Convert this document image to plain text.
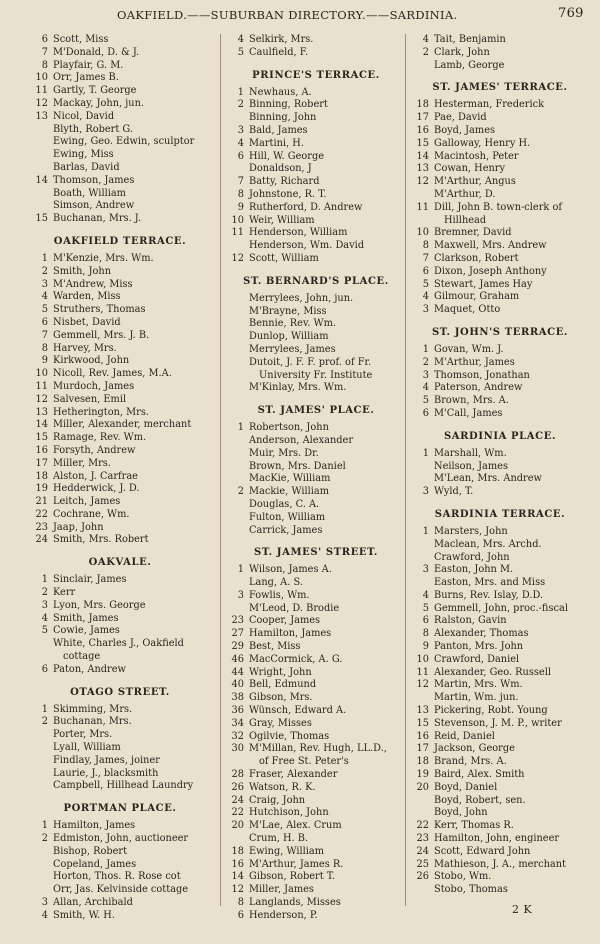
OAKFIELD.——SUBURBAN DIRECTORY.——SARDINIA.	769
6 Scott, Miss
7 M'Donald, D. & J.
8 Playfair, G. M.
10 Orr, James B.
11 Gartly, T. George
12 Mackay, John, jun.
13 Nicol, David
Blyth, Robert G.
Ewing, Geo. Edwin, sculptor
Ewing, Miss
Barlas, David
14 Thomson, James
Boath, William
Simson, Andrew
15 Buchanan, Mrs. J.
OAKFIELD TERRACE.
1 M'Kenzie, Mrs. Wm.
2 Smith, John
3 M'Andrew, Miss
4 Warden, Miss
5 Struthers, Thomas
6 Nisbet, David
7 Gemmell, Mrs. J. B.
8 Harvey, Mrs.
9 Kirkwood, John
10 Nicoll, Rev. James, M.A.
11 Murdoch, James
12 Salvesen, Emil
13 Hetherington, Mrs.
14 Miller, Alexander, merchant
15 Ramage, Rev. Wm.
16 Forsyth, Andrew
17 Miller, Mrs.
18 Alston, J. Carfrae
19 Hedderwick, J. D.
21 Leitch, James
22 Cochrane, Wm.
23 Jaap, John
24 Smith, Mrs. Robert
OAKVALE.
1 Sinclair, James
2 Kerr
3 Lyon, Mrs. George
4 Smith, James
5 Cowie, James
White, Charles J., Oakfield
cottage
6 Paton, Andrew
OTAGO STREET.
1 Skimming, Mrs.
2 Buchanan, Mrs.
Porter, Mrs.
Lyall, William
Findlay, James, joiner
Laurie, J., blacksmith
Campbell, Hillhead Laundry
PORTMAN PLACE.
1 Hamilton, James
2 Edmiston, John, auctioneer
Bishop, Robert
Copeland, James
Horton, Thos. R. Rose cot
Orr, Jas. Kelvinside cottage
3 Allan, Archibald
4 Smith, W. H.
4 Selkirk, Mrs.
5 Caulfield, F.
PRINCE'S TERRACE.
1 Newhaus, A.
2 Binning, Robert
Binning, John
3 Bald, James
4 Martini, H.
6 Hill, W. George
Donaldson, J
7 Batty, Richard
8 Johnstone, R. T.
9 Rutherford, D. Andrew
10 Weir, William
11 Henderson, William
Henderson, Wm. David
12 Scott, William
ST. BERNARD'S PLACE.
Merrylees, John, jun.
M'Brayne, Miss
Bennie, Rev. Wm.
Dunlop, William
Merrylees, James
Dutoit, J. F. F. prof. of Fr.
University Fr. Institute
M'Kinlay, Mrs. Wm.
ST. JAMES' PLACE.
1 Robertson, John
Anderson, Alexander
Muir, Mrs. Dr.
Brown, Mrs. Daniel
MacKie, William
2 Mackie, William
Douglas, C. A.
Fulton, William
Carrick, James
ST. JAMES' STREET.
1 Wilson, James A.
Lang, A. S.
3 Fowlis, Wm.
M'Leod, D. Brodie
23 Cooper, James
27 Hamilton, James
29 Best, Miss
46 MacCormick, A. G.
44 Wright, John
40 Bell, Edmund
38 Gibson, Mrs.
36 Wünsch, Edward A.
34 Gray, Misses
32 Ogilvie, Thomas
30 M'Millan, Rev. Hugh, LL.D.,
of Free St. Peter's
28 Fraser, Alexander
26 Watson, R. K.
24 Craig, John
22 Hutchison, John
20 M'Lae, Alex. Crum
Crum, H. B.
18 Ewing, William
16 M'Arthur, James R.
14 Gibson, Robert T.
12 Miller, James
8 Langlands, Misses
6 Henderson, P.
4 Tait, Benjamin
2 Clark, John
Lamb, George
ST. JAMES' TERRACE.
18 Hesterman, Frederick
17 Pae, David
16 Boyd, James
15 Galloway, Henry H.
14 Macintosh, Peter
13 Cowan, Henry
12 M'Arthur, Angus
M'Arthur, D.
11 Dill, John B. town-clerk of
Hillhead
10 Bremner, David
8 Maxwell, Mrs. Andrew
7 Clarkson, Robert
6 Dixon, Joseph Anthony
5 Stewart, James Hay
4 Gilmour, Graham
3 Maquet, Otto
ST. JOHN'S TERRACE.
1 Govan, Wm. J.
2 M'Arthur, James
3 Thomson, Jonathan
4 Paterson, Andrew
5 Brown, Mrs. A.
6 M'Call, James
SARDINIA PLACE.
1 Marshall, Wm.
Neilson, James
M'Lean, Mrs. Andrew
3 Wyld, T.
SARDINIA TERRACE.
1 Marsters, John
Maclean, Mrs. Archd.
Crawford, John
3 Easton, John M.
Easton, Mrs. and Miss
4 Burns, Rev. Islay, D.D.
5 Gemmell, John, proc.-fiscal
6 Ralston, Gavin
8 Alexander, Thomas
9 Panton, Mrs. John
10 Crawford, Daniel
11 Alexander, Geo. Russell
12 Martin, Mrs. Wm.
Martin, Wm. jun.
13 Pickering, Robt. Young
15 Stevenson, J. M. P., writer
16 Reid, Daniel
17 Jackson, George
18 Brand, Mrs. A.
19 Baird, Alex. Smith
20 Boyd, Daniel
Boyd, Robert, sen.
Boyd, John
22 Kerr, Thomas R.
23 Hamilton, John, engineer
24 Scott, Edward John
25 Mathieson, J. A., merchant
26 Stobo, Wm.
Stobo, Thomas
2 K
